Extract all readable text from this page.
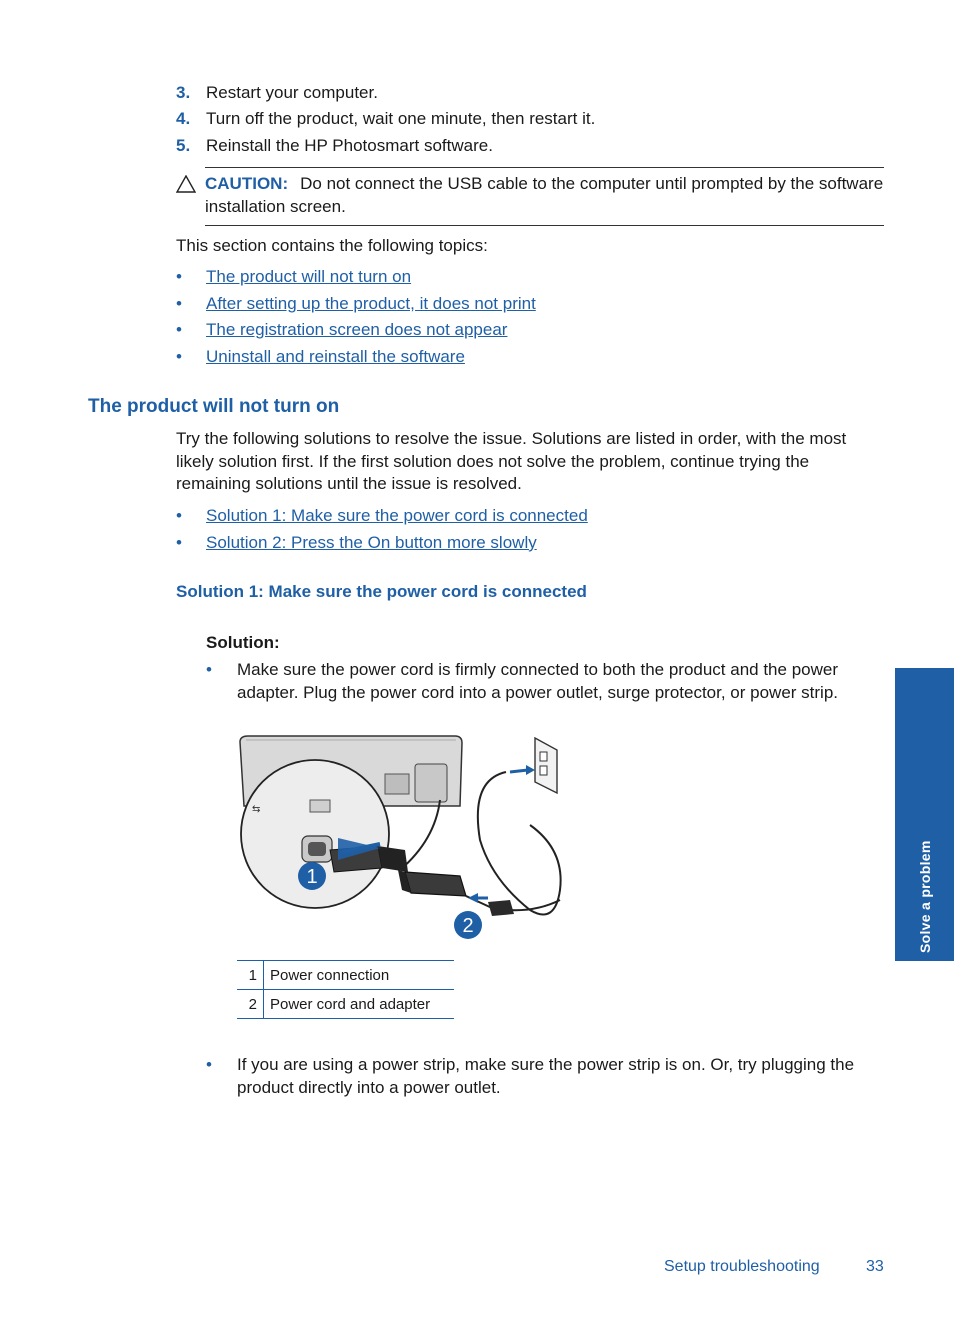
3. Restart your computer.
4. Turn off the product, wait one minute, then restart it.
5. Reinstall the HP Photosmart software.
CAUTION: Do not connect the USB cable to the computer until prompted by the software installation screen.
This section contains the following topics:
• The product will not turn on
• After setting up the product, it does not print
• The registration screen does not appear
• Uninstall and reinstall the software
The product will not turn on
Try the following solutions to resolve the issue. Solutions are listed in order, with the most likely solution first. If the first solution does not solve the problem, continue trying the remaining solutions until the issue is resolved.
• Solution 1: Make sure the power cord is connected
• Solution 2: Press the On button more slowly
Solution 1: Make sure the power cord is connected
Solution:
• Make sure the power cord is firmly connected to both the product and the power adapter. Plug the power cord into a power outlet, surge protector, or power strip.
⇆
1
2
1	Power connection
2	Power cord and adapter
• If you are using a power strip, make sure the power strip is on. Or, try plugging the product directly into a power outlet.
Solve a problem
Setup troubleshooting	33
